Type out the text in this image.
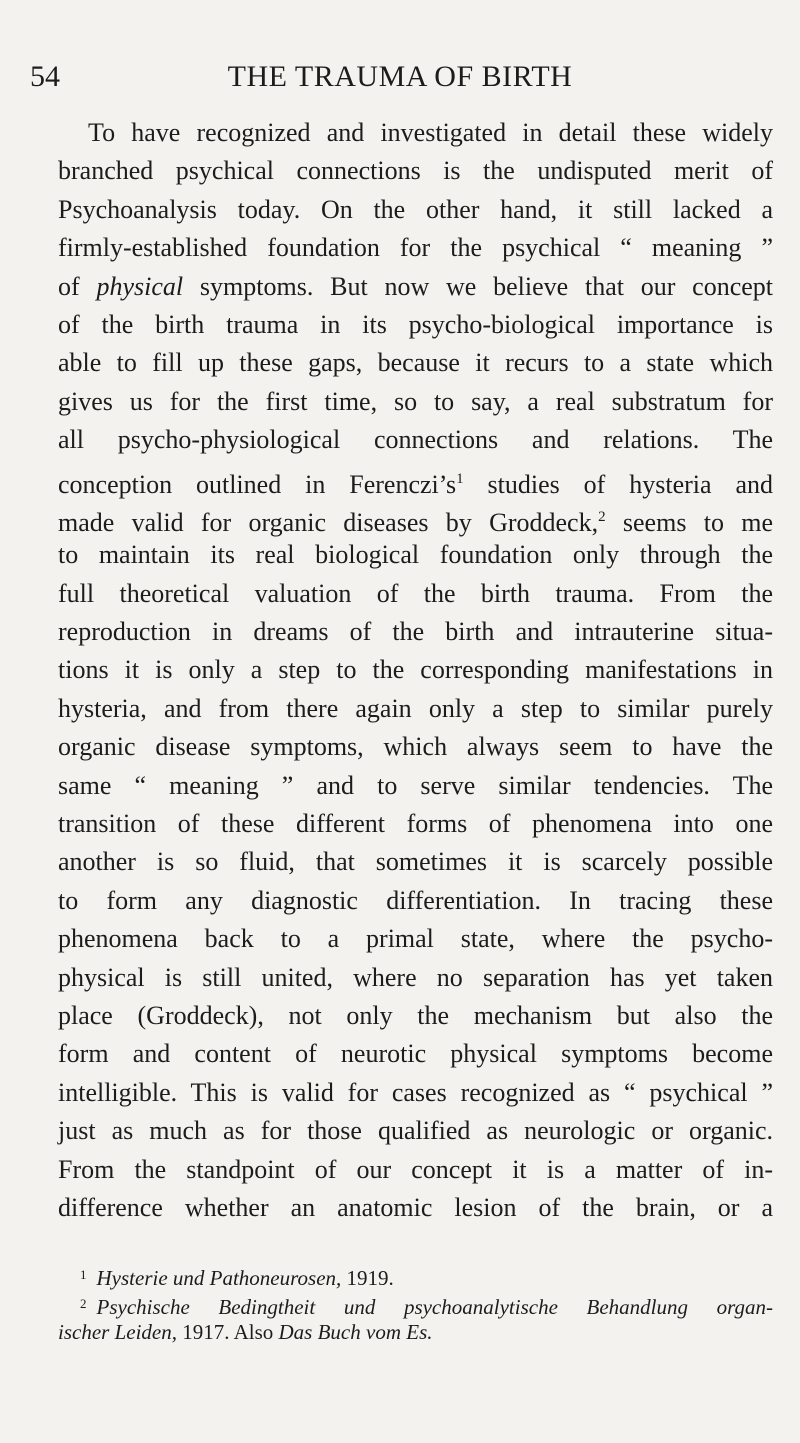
54	THE TRAUMA OF BIRTH
To have recognized and investigated in detail these widely
branched psychical connections is the undisputed merit of
Psychoanalysis today. On the other hand, it still lacked a
firmly-established foundation for the psychical “ meaning ”
of physical symptoms. But now we believe that our concept
of the birth trauma in its psycho-biological importance is
able to fill up these gaps, because it recurs to a state which
gives us for the first time, so to say, a real substratum for
all psycho-physiological connections and relations. The
conception outlined in $Ferenczi’s^1$ studies of hysteria and
made valid for organic diseases by Groddeck,$^2$ seems to me
to maintain its real biological foundation only through the
full theoretical valuation of the birth trauma. From the
reproduction in dreams of the birth and intrauterine situa-
tions it is only a step to the corresponding manifestations in
hysteria, and from there again only a step to similar purely
organic disease symptoms, which always seem to have the
same “ meaning ” and to serve similar tendencies. The
transition of these different forms of phenomena into one
another is so fluid, that sometimes it is scarcely possible
to form any diagnostic differentiation. In tracing these
phenomena back to a primal state, where the psycho-
physical is still united, where no separation has yet taken
place (Groddeck), not only the mechanism but also the
form and content of neurotic physical symptoms become
intelligible. This is valid for cases recognized as “ psychical ”
just as much as for those qualified as neurologic or organic.
From the standpoint of our concept it is a matter of in-
difference whether an anatomic lesion of the brain, or a
$^1$ Hysterie und Pathoneurosen, 1919.
$^2$ Psychische Bedingtheit und psychoanalytische Behandlung organ-
ischer Leiden, 1917. Also Das Buch vom Es.
